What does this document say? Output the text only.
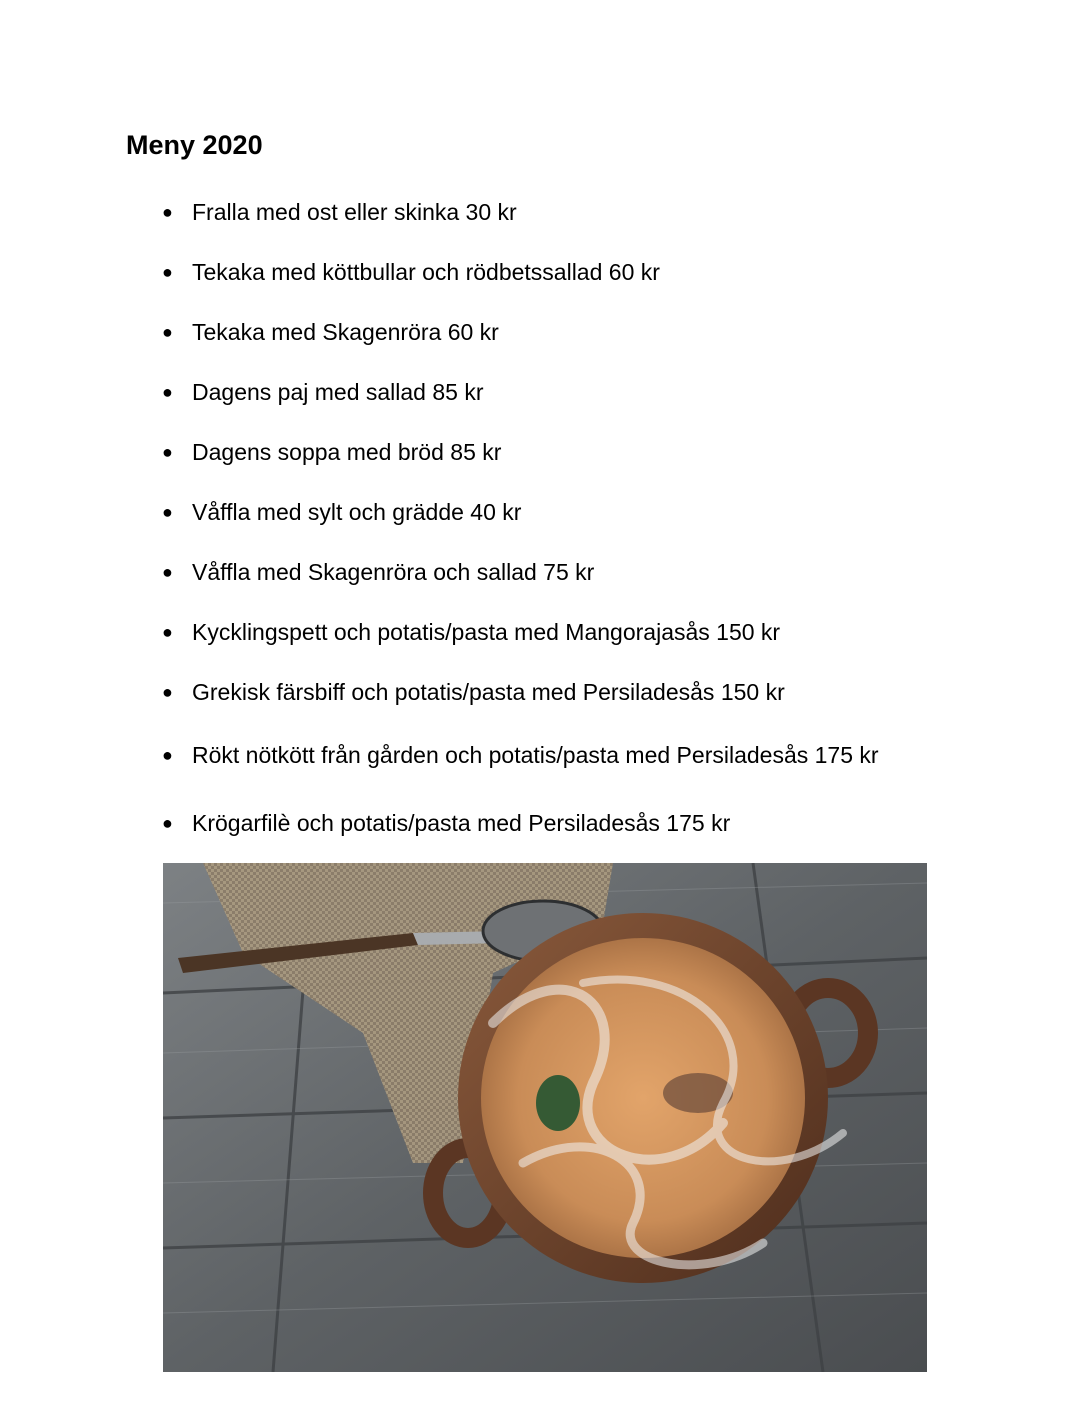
Meny 2020
● Fralla med ost eller skinka 30 kr
● Tekaka med köttbullar och rödbetssallad 60 kr
● Tekaka med Skagenröra 60 kr
● Dagens paj med sallad 85 kr
● Dagens soppa med bröd 85 kr
● Våffla med sylt och grädde 40 kr
● Våffla med Skagenröra och sallad 75 kr
● Kycklingspett och potatis/pasta med Mangorajasås 150 kr
● Grekisk färsbiff och potatis/pasta med Persiladesås 150 kr
● Rökt nötkött från gården och potatis/pasta med Persiladesås 175 kr
● Krögarfilè och potatis/pasta med Persiladesås 175 kr
